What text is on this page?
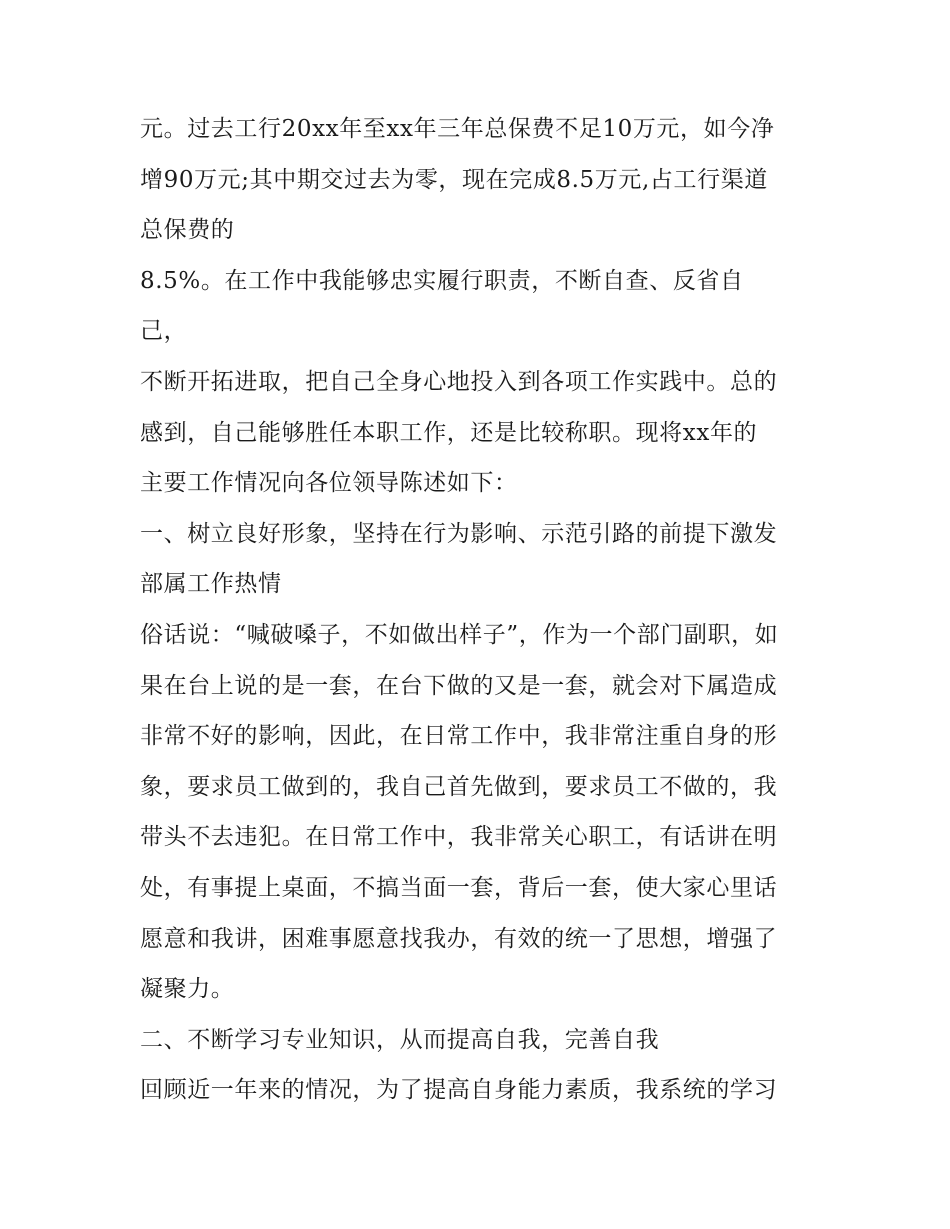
元。过去工行20xx年至xx年三年总保费不足10万元，如今净
增90万元;其中期交过去为零，现在完成8.5万元,占工行渠道
总保费的
8.5%。在工作中我能够忠实履行职责，不断自查、反省自
己，
不断开拓进取，把自己全身心地投入到各项工作实践中。总的
感到，自己能够胜任本职工作，还是比较称职。现将xx年的
主要工作情况向各位领导陈述如下：
一、树立良好形象，坚持在行为影响、示范引路的前提下激发
部属工作热情
俗话说：“喊破嗓子，不如做出样子”，作为一个部门副职，如
果在台上说的是一套，在台下做的又是一套，就会对下属造成
非常不好的影响，因此，在日常工作中，我非常注重自身的形
象，要求员工做到的，我自己首先做到，要求员工不做的，我
带头不去违犯。在日常工作中，我非常关心职工，有话讲在明
处，有事提上桌面，不搞当面一套，背后一套，使大家心里话
愿意和我讲，困难事愿意找我办，有效的统一了思想，增强了
凝聚力。
二、不断学习专业知识，从而提高自我，完善自我
回顾近一年来的情况，为了提高自身能力素质，我系统的学习
